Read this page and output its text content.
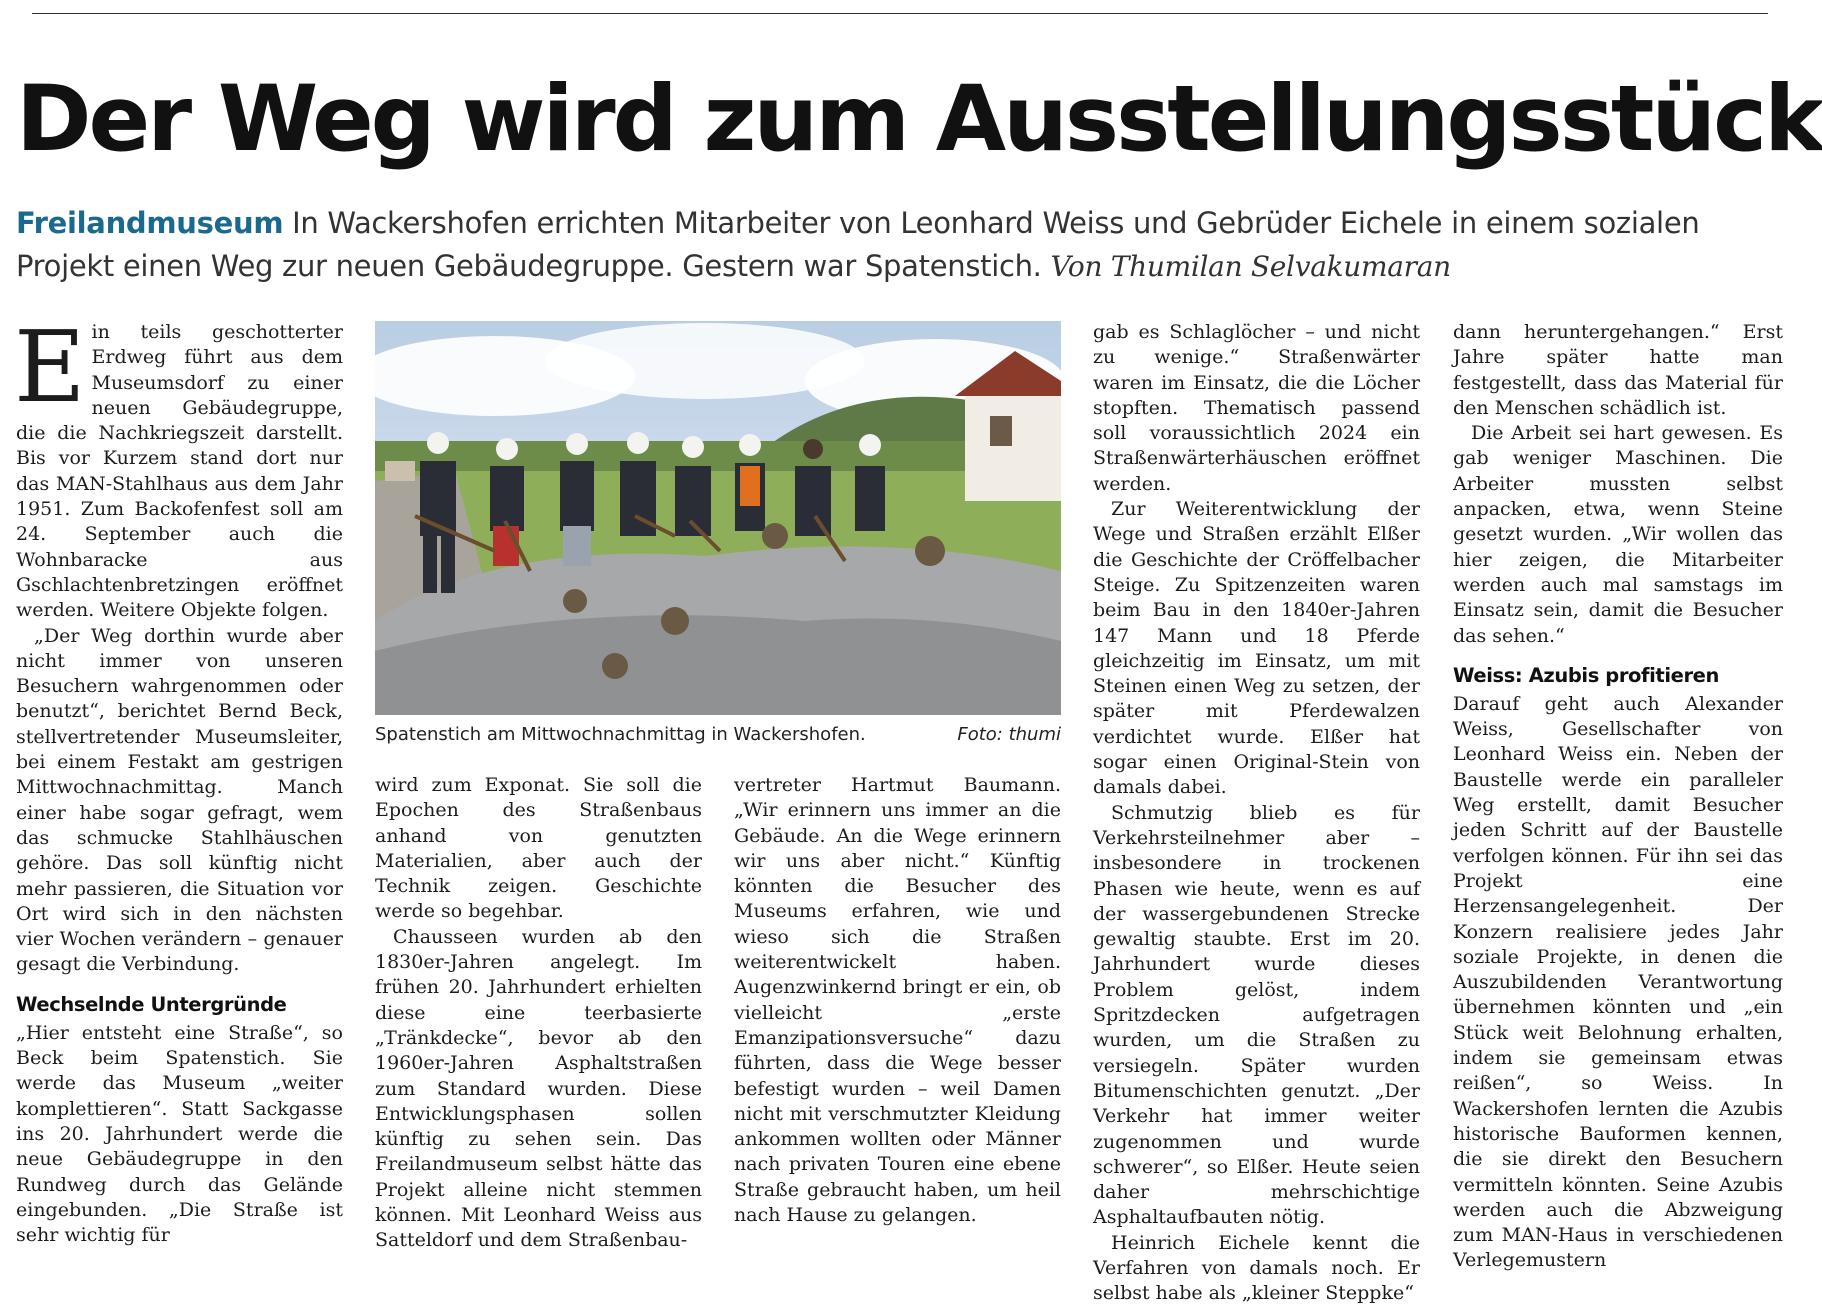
Der Weg wird zum Ausstellungsstück

Freilandmuseum In Wackershofen errichten Mitarbeiter von Leonhard Weiss und Gebrüder Eichele in einem sozialen Projekt einen Weg zur neuen Gebäudegruppe. Gestern war Spatenstich. Von Thumilan Selvakumaran

Ein teils geschotterter Erdweg führt aus dem Museumsdorf zu einer neuen Gebäudegruppe, die die Nachkriegszeit darstellt. Bis vor Kurzem stand dort nur das MAN-Stahlhaus aus dem Jahr 1951. Zum Backofenfest soll am 24. September auch die Wohnbaracke aus Gschlachtenbretzingen eröffnet werden. Weitere Objekte folgen.

„Der Weg dorthin wurde aber nicht immer von unseren Besuchern wahrgenommen oder benutzt“, berichtet Bernd Beck, stellvertretender Museumsleiter, bei einem Festakt am gestrigen Mittwochnachmittag. Manch einer habe sogar gefragt, wem das schmucke Stahlhäuschen gehöre. Das soll künftig nicht mehr passieren, die Situation vor Ort wird sich in den nächsten vier Wochen verändern – genauer gesagt die Verbindung.

Wechselnde Untergründe

„Hier entsteht eine Straße“, so Beck beim Spatenstich. Sie werde das Museum „weiter komplettieren“. Statt Sackgasse ins 20. Jahrhundert werde die neue Gebäudegruppe in den Rundweg durch das Gelände eingebunden. „Die Straße ist sehr wichtig für

Spatenstich am Mittwochnachmittag in Wackershofen.	Foto: thumi

wird zum Exponat. Sie soll die Epochen des Straßenbaus anhand von genutzten Materialien, aber auch der Technik zeigen. Geschichte werde so begehbar.

Chausseen wurden ab den 1830er-Jahren angelegt. Im frühen 20. Jahrhundert erhielten diese eine teerbasierte „Tränkdecke“, bevor ab den 1960er-Jahren Asphaltstraßen zum Standard wurden. Diese Entwicklungsphasen sollen künftig zu sehen sein. Das Freilandmuseum selbst hätte das Projekt alleine nicht stemmen können. Mit Leonhard Weiss aus Satteldorf und dem Straßenbau-

vertreter Hartmut Baumann. „Wir erinnern uns immer an die Gebäude. An die Wege erinnern wir uns aber nicht.“ Künftig könnten die Besucher des Museums erfahren, wie und wieso sich die Straßen weiterentwickelt haben. Augenzwinkernd bringt er ein, ob vielleicht „erste Emanzipationsversuche“ dazu führten, dass die Wege besser befestigt wurden – weil Damen nicht mit verschmutzter Kleidung ankommen wollten oder Männer nach privaten Touren eine ebene Straße gebraucht haben, um heil nach Hause zu gelangen.

gab es Schlaglöcher – und nicht zu wenige.“ Straßenwärter waren im Einsatz, die die Löcher stopften. Thematisch passend soll voraussichtlich 2024 ein Straßenwärterhäuschen eröffnet werden.

Zur Weiterentwicklung der Wege und Straßen erzählt Elßer die Geschichte der Cröffelbacher Steige. Zu Spitzenzeiten waren beim Bau in den 1840er-Jahren 147 Mann und 18 Pferde gleichzeitig im Einsatz, um mit Steinen einen Weg zu setzen, der später mit Pferdewalzen verdichtet wurde. Elßer hat sogar einen Original-Stein von damals dabei.

Schmutzig blieb es für Verkehrsteilnehmer aber – insbesondere in trockenen Phasen wie heute, wenn es auf der wassergebundenen Strecke gewaltig staubte. Erst im 20. Jahrhundert wurde dieses Problem gelöst, indem Spritzdecken aufgetragen wurden, um die Straßen zu versiegeln. Später wurden Bitumenschichten genutzt. „Der Verkehr hat immer weiter zugenommen und wurde schwerer“, so Elßer. Heute seien daher mehrschichtige Asphaltaufbauten nötig.

Heinrich Eichele kennt die Verfahren von damals noch. Er selbst habe als „kleiner Steppke“

dann heruntergehangen.“ Erst Jahre später hatte man festgestellt, dass das Material für den Menschen schädlich ist.

Die Arbeit sei hart gewesen. Es gab weniger Maschinen. Die Arbeiter mussten selbst anpacken, etwa, wenn Steine gesetzt wurden. „Wir wollen das hier zeigen, die Mitarbeiter werden auch mal samstags im Einsatz sein, damit die Besucher das sehen.“

Weiss: Azubis profitieren

Darauf geht auch Alexander Weiss, Gesellschafter von Leonhard Weiss ein. Neben der Baustelle werde ein paralleler Weg erstellt, damit Besucher jeden Schritt auf der Baustelle verfolgen können. Für ihn sei das Projekt eine Herzensangelegenheit. Der Konzern realisiere jedes Jahr soziale Projekte, in denen die Auszubildenden Verantwortung übernehmen könnten und „ein Stück weit Belohnung erhalten, indem sie gemeinsam etwas reißen“, so Weiss. In Wackershofen lernten die Azubis historische Bauformen kennen, die sie direkt den Besuchern vermitteln könnten. Seine Azubis werden auch die Abzweigung zum MAN-Haus in verschiedenen Verlegemustern
